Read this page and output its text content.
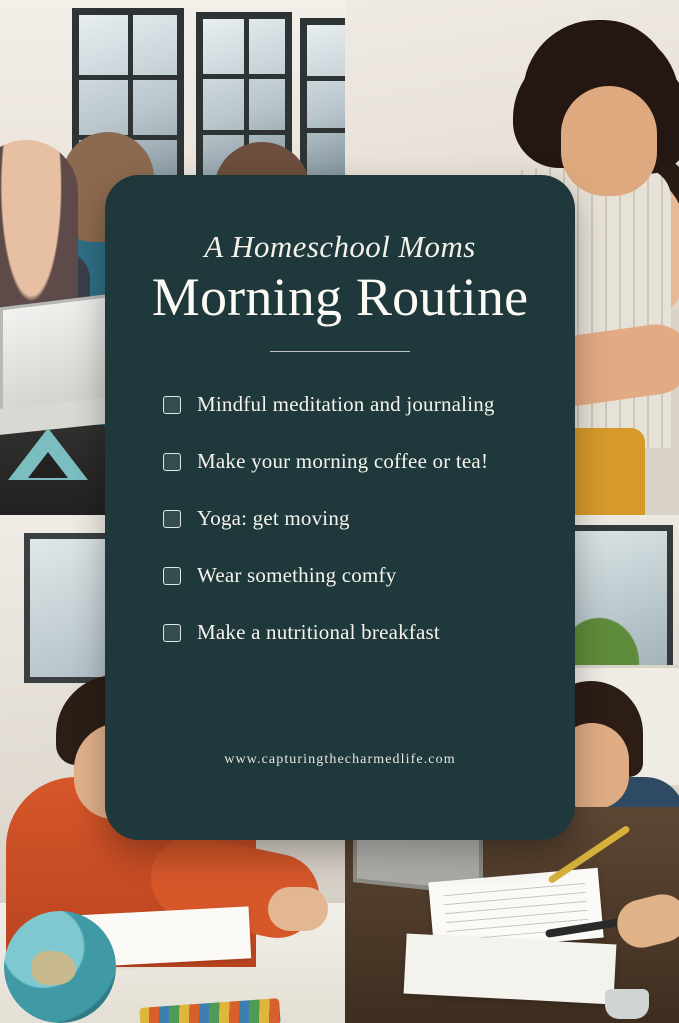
A Homeschool Moms
Morning Routine
Mindful meditation and journaling
Make your morning coffee or tea!
Yoga: get moving
Wear something comfy
Make a nutritional breakfast
www.capturingthecharmedlife.com
